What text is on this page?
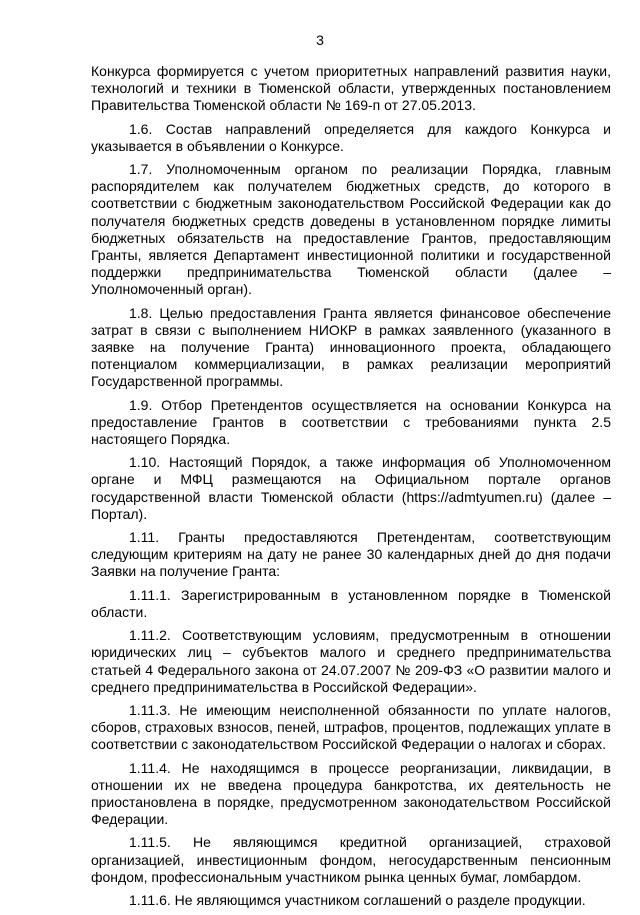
3

Конкурса формируется с учетом приоритетных направлений развития науки, технологий и техники в Тюменской области, утвержденных постановлением Правительства Тюменской области № 169-п от 27.05.2013.

1.6. Состав направлений определяется для каждого Конкурса и указывается в объявлении о Конкурсе.

1.7. Уполномоченным органом по реализации Порядка, главным распорядителем как получателем бюджетных средств, до которого в соответствии с бюджетным законодательством Российской Федерации как до получателя бюджетных средств доведены в установленном порядке лимиты бюджетных обязательств на предоставление Грантов, предоставляющим Гранты, является Департамент инвестиционной политики и государственной поддержки предпринимательства Тюменской области (далее – Уполномоченный орган).

1.8. Целью предоставления Гранта является финансовое обеспечение затрат в связи с выполнением НИОКР в рамках заявленного (указанного в заявке на получение Гранта) инновационного проекта, обладающего потенциалом коммерциализации, в рамках реализации мероприятий Государственной программы.

1.9. Отбор Претендентов осуществляется на основании Конкурса на предоставление Грантов в соответствии с требованиями пункта 2.5 настоящего Порядка.

1.10. Настоящий Порядок, а также информация об Уполномоченном органе и МФЦ размещаются на Официальном портале органов государственной власти Тюменской области (https://admtyumen.ru) (далее – Портал).

1.11. Гранты предоставляются Претендентам, соответствующим следующим критериям на дату не ранее 30 календарных дней до дня подачи Заявки на получение Гранта:

1.11.1. Зарегистрированным в установленном порядке в Тюменской области.

1.11.2. Соответствующим условиям, предусмотренным в отношении юридических лиц – субъектов малого и среднего предпринимательства статьей 4 Федерального закона от 24.07.2007 № 209-ФЗ «О развитии малого и среднего предпринимательства в Российской Федерации».

1.11.3. Не имеющим неисполненной обязанности по уплате налогов, сборов, страховых взносов, пеней, штрафов, процентов, подлежащих уплате в соответствии с законодательством Российской Федерации о налогах и сборах.

1.11.4. Не находящимся в процессе реорганизации, ликвидации, в отношении их не введена процедура банкротства, их деятельность не приостановлена в порядке, предусмотренном законодательством Российской Федерации.

1.11.5. Не являющимся кредитной организацией, страховой организацией, инвестиционным фондом, негосударственным пенсионным фондом, профессиональным участником рынка ценных бумаг, ломбардом.

1.11.6. Не являющимся участником соглашений о разделе продукции.
